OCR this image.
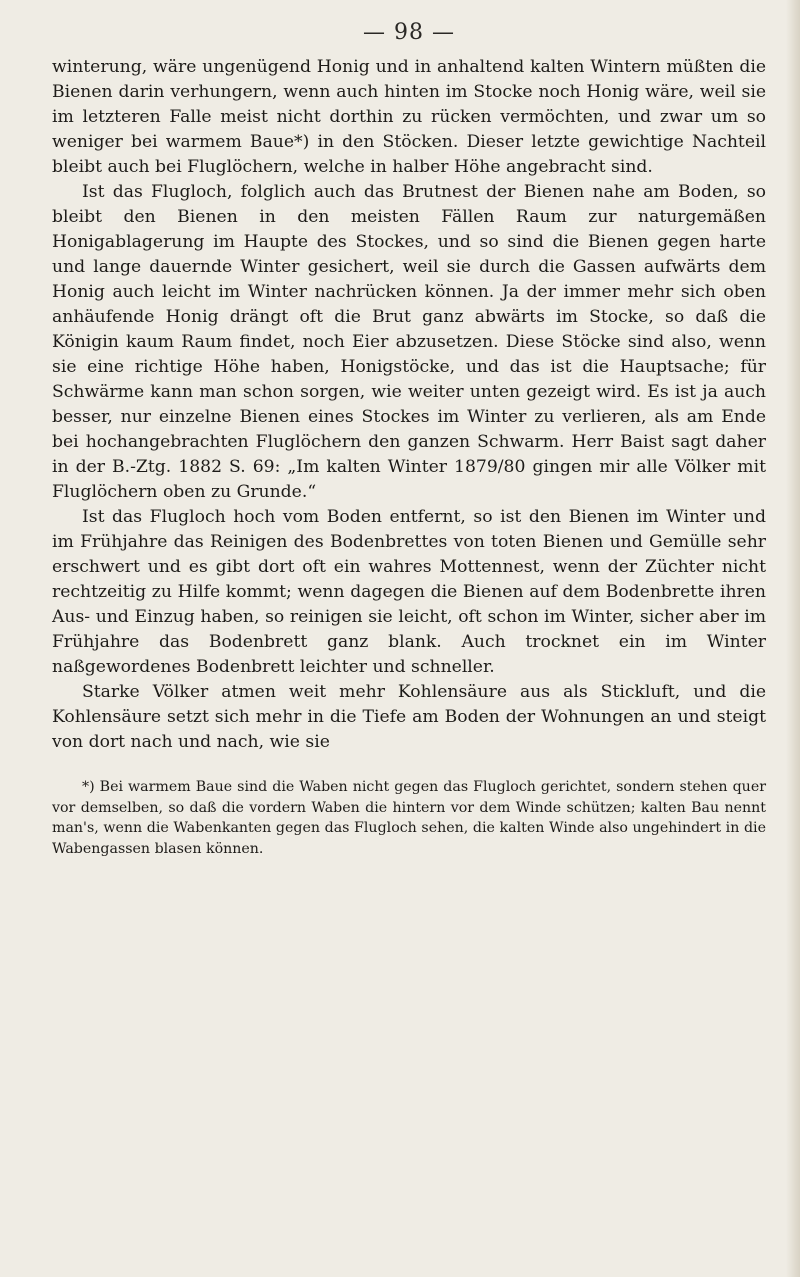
— 98 —

winterung, wäre ungenügend Honig und in anhaltend kalten Wintern müßten die Bienen darin verhungern, wenn auch hinten im Stocke noch Honig wäre, weil sie im letzteren Falle meist nicht dorthin zu rücken vermöchten, und zwar um so weniger bei warmem Baue*) in den Stöcken. Dieser letzte gewichtige Nachteil bleibt auch bei Fluglöchern, welche in halber Höhe angebracht sind.

Ist das Flugloch, folglich auch das Brutnest der Bienen nahe am Boden, so bleibt den Bienen in den meisten Fällen Raum zur naturgemäßen Honigablagerung im Haupte des Stockes, und so sind die Bienen gegen harte und lange dauernde Winter gesichert, weil sie durch die Gassen aufwärts dem Honig auch leicht im Winter nachrücken können. Ja der immer mehr sich oben anhäufende Honig drängt oft die Brut ganz abwärts im Stocke, so daß die Königin kaum Raum findet, noch Eier abzusetzen. Diese Stöcke sind also, wenn sie eine richtige Höhe haben, Honigstöcke, und das ist die Hauptsache; für Schwärme kann man schon sorgen, wie weiter unten gezeigt wird. Es ist ja auch besser, nur einzelne Bienen eines Stockes im Winter zu verlieren, als am Ende bei hochangebrachten Fluglöchern den ganzen Schwarm. Herr Baist sagt daher in der B.-Ztg. 1882 S. 69: „Im kalten Winter 1879/80 gingen mir alle Völker mit Fluglöchern oben zu Grunde.“

Ist das Flugloch hoch vom Boden entfernt, so ist den Bienen im Winter und im Frühjahre das Reinigen des Bodenbrettes von toten Bienen und Gemülle sehr erschwert und es gibt dort oft ein wahres Mottennest, wenn der Züchter nicht rechtzeitig zu Hilfe kommt; wenn dagegen die Bienen auf dem Bodenbrette ihren Aus- und Einzug haben, so reinigen sie leicht, oft schon im Winter, sicher aber im Frühjahre das Bodenbrett ganz blank. Auch trocknet ein im Winter naßgewordenes Bodenbrett leichter und schneller.

Starke Völker atmen weit mehr Kohlensäure aus als Stickluft, und die Kohlensäure setzt sich mehr in die Tiefe am Boden der Wohnungen an und steigt von dort nach und nach, wie sie

*) Bei warmem Baue sind die Waben nicht gegen das Flugloch gerichtet, sondern stehen quer vor demselben, so daß die vordern Waben die hintern vor dem Winde schützen; kalten Bau nennt man's, wenn die Wabenkanten gegen das Flugloch sehen, die kalten Winde also ungehindert in die Wabengassen blasen können.
